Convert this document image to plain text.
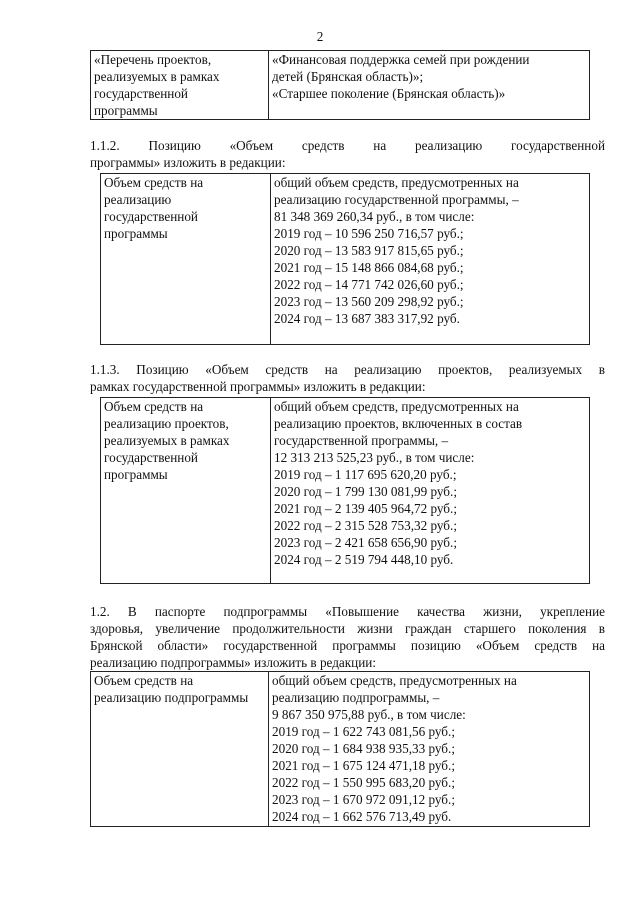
2
«Перечень проектов,
реализуемых в рамках
государственной
программы

«Финансовая поддержка семей при рождении
детей (Брянская область)»;
«Старшее поколение (Брянская область)»
1.1.2. Позицию «Объем средств на реализацию государственной
программы» изложить в редакции:
Объем средств на
реализацию
государственной
программы

общий объем средств, предусмотренных на
реализацию государственной программы, –
81 348 369 260,34 руб., в том числе:
2019 год – 10 596 250 716,57 руб.;
2020 год – 13 583 917 815,65 руб.;
2021 год – 15 148 866 084,68 руб.;
2022 год – 14 771 742 026,60 руб.;
2023 год – 13 560 209 298,92 руб.;
2024 год – 13 687 383 317,92 руб.
1.1.3. Позицию «Объем средств на реализацию проектов, реализуемых в
рамках государственной программы» изложить в редакции:
Объем средств на
реализацию проектов,
реализуемых в рамках
государственной
программы

общий объем средств, предусмотренных на
реализацию проектов, включенных в состав
государственной программы, –
12 313 213 525,23 руб., в том числе:
2019 год – 1 117 695 620,20 руб.;
2020 год – 1 799 130 081,99 руб.;
2021 год – 2 139 405 964,72 руб.;
2022 год – 2 315 528 753,32 руб.;
2023 год – 2 421 658 656,90 руб.;
2024 год – 2 519 794 448,10 руб.
1.2. В паспорте подпрограммы «Повышение качества жизни, укрепление
здоровья, увеличение продолжительности жизни граждан старшего поколения в
Брянской области» государственной программы позицию «Объем средств на
реализацию подпрограммы» изложить в редакции:
Объем средств на
реализацию подпрограммы

общий объем средств, предусмотренных на
реализацию подпрограммы, –
9 867 350 975,88 руб., в том числе:
2019 год – 1 622 743 081,56 руб.;
2020 год – 1 684 938 935,33 руб.;
2021 год – 1 675 124 471,18 руб.;
2022 год – 1 550 995 683,20 руб.;
2023 год – 1 670 972 091,12 руб.;
2024 год – 1 662 576 713,49 руб.
